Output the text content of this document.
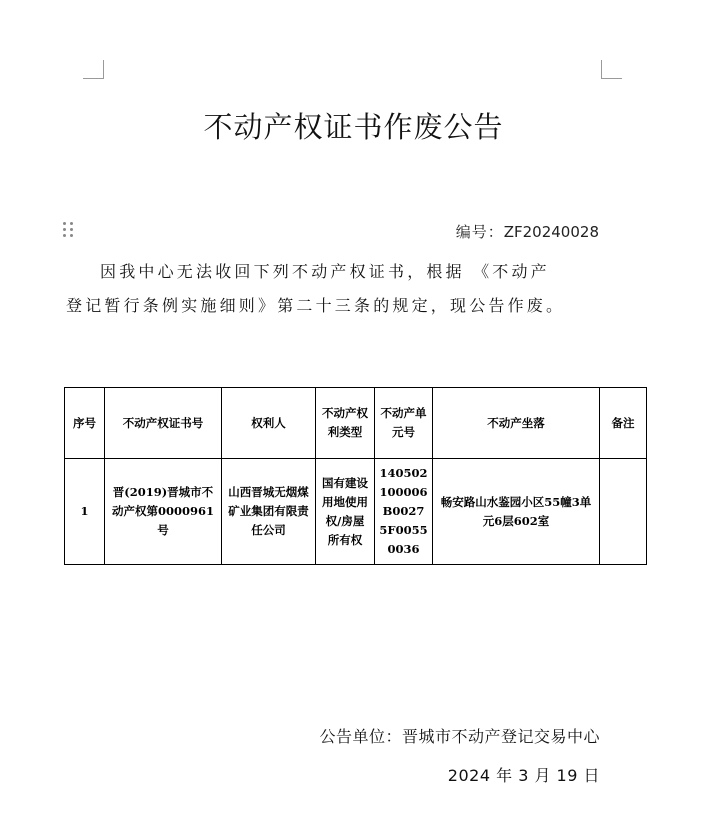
不动产权证书作废公告
编号：ZF20240028
因我中心无法收回下列不动产权证书，根据 《不动产
登记暂行条例实施细则》第二十三条的规定，现公告作废。
序号	不动产权证书号	权利人	不动产权利类型	不动产单元号	不动产坐落	备注
1	晋(2019)晋城市不动产权第0000961号	山西晋城无烟煤矿业集团有限责任公司	国有建设用地使用权/房屋所有权	140502100006B00275F00550036	畅安路山水鉴园小区55幢3单元6层602室	
公告单位：晋城市不动产登记交易中心
2024 年 3 月 19 日
